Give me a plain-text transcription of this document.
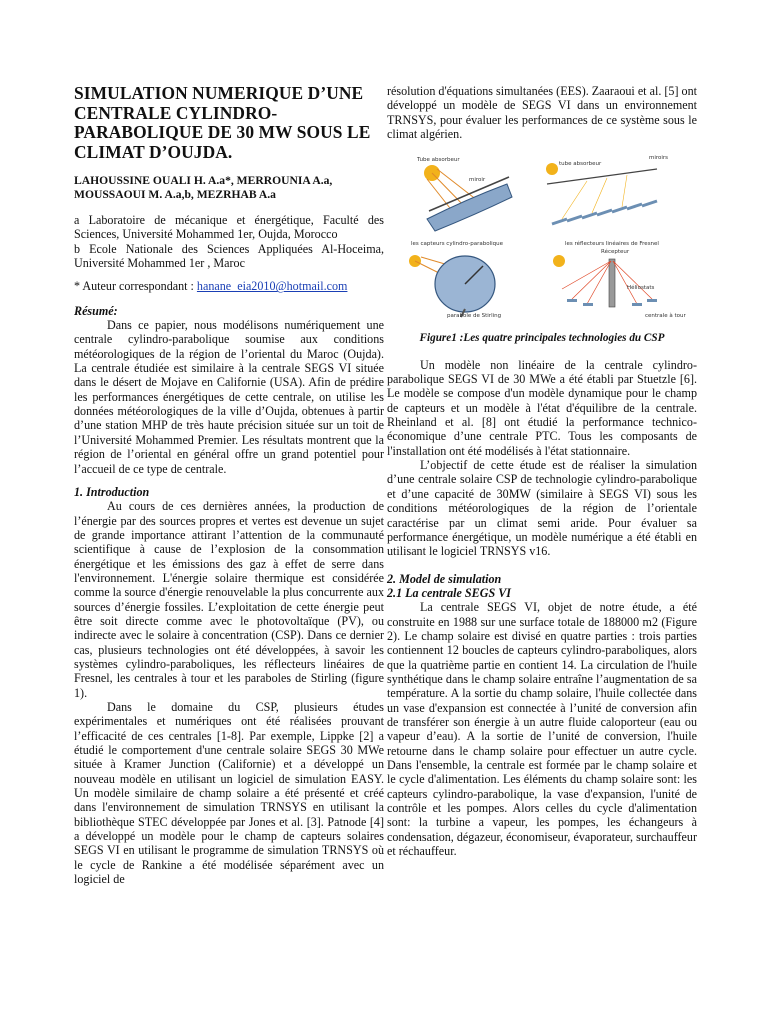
SIMULATION NUMERIQUE D’UNE CENTRALE CYLINDRO-PARABOLIQUE DE 30 MW SOUS LE CLIMAT D’OUJDA.
LAHOUSSINE OUALI H. A.a*, MERROUNIA A.a, MOUSSAOUI M. A.a,b, MEZRHAB A.a

a Laboratoire de mécanique et énergétique, Faculté des Sciences, Université Mohammed 1er, Oujda, Morocco

b Ecole Nationale des Sciences Appliquées Al-Hoceima, Université Mohammed 1er , Maroc

* Auteur correspondant : hanane_eia2010@hotmail.com

Résumé:

Dans ce papier, nous modélisons numériquement une centrale cylindro-parabolique soumise aux conditions météorologiques de la région de l’oriental du Maroc (Oujda). La centrale étudiée est similaire à la centrale SEGS VI située dans le désert de Mojave en Californie (USA). Afin de prédire les performances énergétiques de cette centrale, on utilise les données météorologiques de la ville d’Oujda, obtenues à partir d’une station MHP de très haute précision située sur un toit de l’Université Mohammed Premier. Les résultats montrent que la région de l’oriental en général offre un grand potentiel pour l’accueil de ce type de centrale.

1. Introduction

Au cours de ces dernières années, la production de l’énergie par des sources propres et vertes est devenue un sujet de grande importance attirant l’attention de la communauté scientifique à cause de l’explosion de la consommation énergétique et les émissions des gaz à effet de serre dans l'environnement. L'énergie solaire thermique est considérée comme la source d'énergie renouvelable la plus concurrente aux sources d’énergie fossiles. L’exploitation de cette énergie peut être soit directe comme avec le photovoltaïque (PV), ou indirecte avec le solaire à concentration (CSP). Dans ce dernier cas, plusieurs technologies ont été développées, à savoir les systèmes cylindro-paraboliques, les réflecteurs linéaires de Fresnel, les centrales à tour et les paraboles de Stirling (figure 1).

Dans le domaine du CSP, plusieurs études expérimentales et numériques ont été réalisées prouvant l’efficacité de ces centrales [1-8]. Par exemple, Lippke [2] a étudié le comportement d'une centrale solaire SEGS 30 MWe située à Kramer Junction (Californie) et a développé un nouveau modèle en utilisant un logiciel de simulation EASY. Un modèle similaire de champ solaire a été présenté et créé dans l'environnement de simulation TRNSYS en utilisant la bibliothèque STEC développée par Jones et al. [3]. Patnode [4] a développé un modèle pour le champ de capteurs solaires SEGS VI en utilisant le programme de simulation TRNSYS où le cycle de Rankine a été modélisée séparément avec un logiciel de

résolution d'équations simultanées (EES). Zaaraoui et al. [5] ont développé un modèle de SEGS VI dans un environnement TRNSYS, pour évaluer les performances de ce système sous le climat algérien.

Tube absorbeur
miroir
les capteurs cylindro-parabolique
tube absorbeur
miroirs
les réflecteurs linéaires de Fresnel
parabole de Stirling
Récepteur
Héliostats
centrale à tour

Figure1 :Les quatre principales technologies du CSP

Un modèle non linéaire de la centrale cylindro-parabolique SEGS VI de 30 MWe a été établi par Stuetzle [6]. Le modèle se compose d'un modèle dynamique pour le champ de capteurs et un modèle à l'état d'équilibre de la centrale. Rheinland et al. [8] ont étudié la performance technico-économique d’une centrale PTC. Tous les composants de l'installation ont été modélisés à l'état stationnaire.

L’objectif de cette étude est de réaliser la simulation d’une centrale solaire CSP de technologie cylindro-parabolique et d’une capacité de 30MW (similaire à SEGS VI) sous les conditions météorologiques de la région de l’orientale caractérise par un climat semi aride. Pour évaluer sa performance énergétique, un modèle numérique a été établi en utilisant le logiciel TRNSYS v16.

2. Model de simulation

2.1 La centrale SEGS VI

La centrale SEGS VI, objet de notre étude, a été construite en 1988 sur une surface totale de 188000 m2 (Figure 2). Le champ solaire est divisé en quatre parties : trois parties contiennent 12 boucles de capteurs cylindro-paraboliques, alors que la quatrième partie en contient 14. La circulation de l'huile synthétique dans le champ solaire entraîne l’augmentation de sa température. A la sortie du champ solaire, l'huile collectée dans un vase d'expansion est connectée à l’unité de conversion afin de transférer son énergie à un autre fluide caloporteur (eau ou vapeur d’eau). A la sortie de l’unité de conversion, l'huile retourne dans le champ solaire pour effectuer un autre cycle. Dans l'ensemble, la centrale est formée par le champ solaire et le cycle d'alimentation. Les éléments du champ solaire sont: les capteurs cylindro-parabolique, la vase d'expansion, l'unité de contrôle et les pompes. Alors celles du cycle d'alimentation sont: la turbine a vapeur, les pompes, les échangeurs à condensation, dégazeur, économiseur, évaporateur, surchauffeur et réchauffeur.
